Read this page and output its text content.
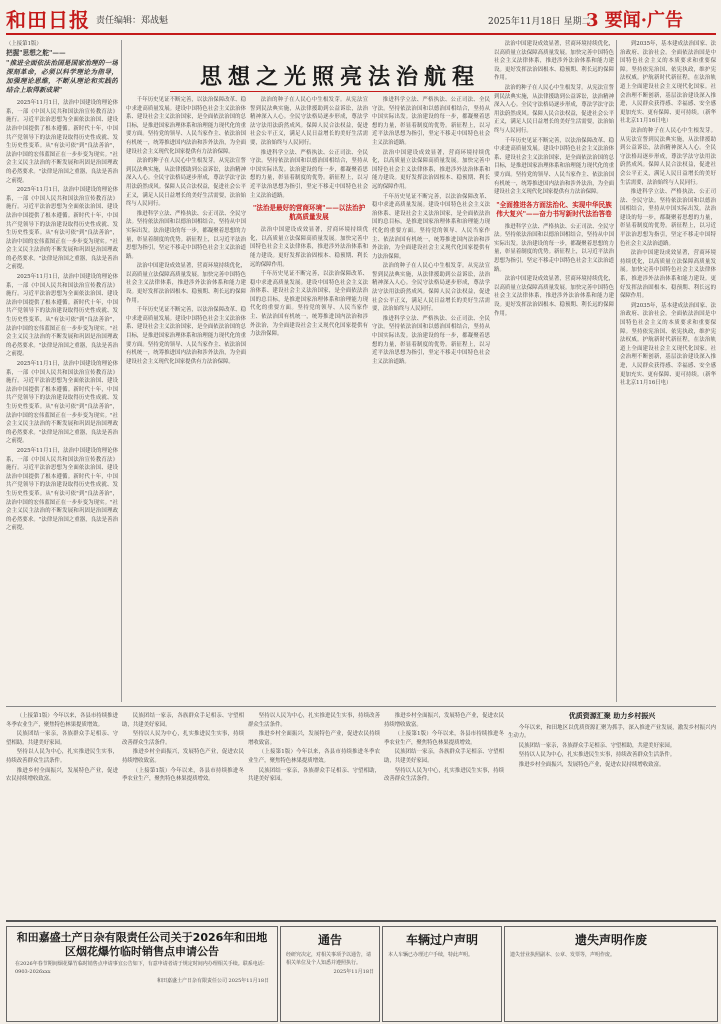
和田日报 责任编辑：郑战魁	2025年11月18日 星期二
3 要闻·广告
（上接第1版）
把握"思想之舵"——
"推进全面依法治国是国家治理的一场深刻革命，必须以科学理论为指导，加强理论思维，不断从理论和实践的结合上取得新成果"

2025年11月1日，法治中国建设的理论体系，一部《中国人民共和国法治宣传教育法》施行。习近平法治思想为全面依法治国、建设法治中国提供了根本遵循。新时代十年，中国共产党领导下的法治建设取得历史性成就、发生历史性变革。从"有法可依"到"良法善治"，法治中国的宏伟蓝图正在一步步变为现实。"社会主义民主法治的不断发展和巩固是治国理政的必然要求。"法律是治国之重器，良法是善治之前提。

2025年11月1日，法治中国建设的理论体系，一部《中国人民共和国法治宣传教育法》施行。习近平法治思想为全面依法治国、建设法治中国提供了根本遵循。新时代十年，中国共产党领导下的法治建设取得历史性成就、发生历史性变革。从"有法可依"到"良法善治"，法治中国的宏伟蓝图正在一步步变为现实。"社会主义民主法治的不断发展和巩固是治国理政的必然要求。"法律是治国之重器，良法是善治之前提。

2025年11月1日，法治中国建设的理论体系，一部《中国人民共和国法治宣传教育法》施行。习近平法治思想为全面依法治国、建设法治中国提供了根本遵循。新时代十年，中国共产党领导下的法治建设取得历史性成就、发生历史性变革。从"有法可依"到"良法善治"，法治中国的宏伟蓝图正在一步步变为现实。"社会主义民主法治的不断发展和巩固是治国理政的必然要求。"法律是治国之重器，良法是善治之前提。

2025年11月1日，法治中国建设的理论体系，一部《中国人民共和国法治宣传教育法》施行。习近平法治思想为全面依法治国、建设法治中国提供了根本遵循。新时代十年，中国共产党领导下的法治建设取得历史性成就、发生历史性变革。从"有法可依"到"良法善治"，法治中国的宏伟蓝图正在一步步变为现实。"社会主义民主法治的不断发展和巩固是治国理政的必然要求。"法律是治国之重器，良法是善治之前提。

2025年11月1日，法治中国建设的理论体系，一部《中国人民共和国法治宣传教育法》施行。习近平法治思想为全面依法治国、建设法治中国提供了根本遵循。新时代十年，中国共产党领导下的法治建设取得历史性成就、发生历史性变革。从"有法可依"到"良法善治"，法治中国的宏伟蓝图正在一步步变为现实。"社会主义民主法治的不断发展和巩固是治国理政的必然要求。"法律是治国之重器，良法是善治之前提。

思想之光照亮法治航程

千年历史见证不断完善，以法治保障改革、稳中求进高质量发展。建设中国特色社会主义法治体系、建设社会主义法治国家，是全面依法治国的总目标，是推进国家治理体系和治理能力现代化的重要方面。坚持党的领导、人民当家作主、依法治国有机统一，统筹推进国内法治和涉外法治，为全面建设社会主义现代化国家提供有力法治保障。

法治的种子在人民心中生根发芽。从宪法宣誓到民法典实施，从法律援助到公益诉讼，法治精神深入人心。全民守法格局逐步形成，尊法学法守法用法蔚然成风。保障人民合法权益，促进社会公平正义，满足人民日益增长的美好生活需要，法治始终与人民同行。

推进科学立法、严格执法、公正司法、全民守法。坚持依法治国和以德治国相结合，坚持从中国实际出发。法治建设的每一步，都凝聚着思想的力量，彰显着制度的优势。新征程上，以习近平法治思想为指引，坚定不移走中国特色社会主义法治道路。

法治中国建设成效显著，营商环境持续优化，以高质量立法保障高质量发展。加快完善中国特色社会主义法律体系，推进涉外法治体系和能力建设。更好发挥法治固根本、稳预期、利长远的保障作用。

千年历史见证不断完善，以法治保障改革、稳中求进高质量发展。建设中国特色社会主义法治体系、建设社会主义法治国家，是全面依法治国的总目标，是推进国家治理体系和治理能力现代化的重要方面。坚持党的领导、人民当家作主、依法治国有机统一，统筹推进国内法治和涉外法治，为全面建设社会主义现代化国家提供有力法治保障。

法治的种子在人民心中生根发芽。从宪法宣誓到民法典实施，从法律援助到公益诉讼，法治精神深入人心。全民守法格局逐步形成，尊法学法守法用法蔚然成风。保障人民合法权益，促进社会公平正义，满足人民日益增长的美好生活需要，法治始终与人民同行。

推进科学立法、严格执法、公正司法、全民守法。坚持依法治国和以德治国相结合，坚持从中国实际出发。法治建设的每一步，都凝聚着思想的力量，彰显着制度的优势。新征程上，以习近平法治思想为指引，坚定不移走中国特色社会主义法治道路。

"法治是最好的营商环境"——以法治护航高质量发展

法治中国建设成效显著，营商环境持续优化，以高质量立法保障高质量发展。加快完善中国特色社会主义法律体系，推进涉外法治体系和能力建设。更好发挥法治固根本、稳预期、利长远的保障作用。

千年历史见证不断完善，以法治保障改革、稳中求进高质量发展。建设中国特色社会主义法治体系、建设社会主义法治国家，是全面依法治国的总目标，是推进国家治理体系和治理能力现代化的重要方面。坚持党的领导、人民当家作主、依法治国有机统一，统筹推进国内法治和涉外法治，为全面建设社会主义现代化国家提供有力法治保障。

推进科学立法、严格执法、公正司法、全民守法。坚持依法治国和以德治国相结合，坚持从中国实际出发。法治建设的每一步，都凝聚着思想的力量，彰显着制度的优势。新征程上，以习近平法治思想为指引，坚定不移走中国特色社会主义法治道路。

法治中国建设成效显著，营商环境持续优化，以高质量立法保障高质量发展。加快完善中国特色社会主义法律体系，推进涉外法治体系和能力建设。更好发挥法治固根本、稳预期、利长远的保障作用。

千年历史见证不断完善，以法治保障改革、稳中求进高质量发展。建设中国特色社会主义法治体系、建设社会主义法治国家，是全面依法治国的总目标，是推进国家治理体系和治理能力现代化的重要方面。坚持党的领导、人民当家作主、依法治国有机统一，统筹推进国内法治和涉外法治，为全面建设社会主义现代化国家提供有力法治保障。

法治的种子在人民心中生根发芽。从宪法宣誓到民法典实施，从法律援助到公益诉讼，法治精神深入人心。全民守法格局逐步形成，尊法学法守法用法蔚然成风。保障人民合法权益，促进社会公平正义，满足人民日益增长的美好生活需要，法治始终与人民同行。

推进科学立法、严格执法、公正司法、全民守法。坚持依法治国和以德治国相结合，坚持从中国实际出发。法治建设的每一步，都凝聚着思想的力量，彰显着制度的优势。新征程上，以习近平法治思想为指引，坚定不移走中国特色社会主义法治道路。

法治中国建设成效显著，营商环境持续优化，以高质量立法保障高质量发展。加快完善中国特色社会主义法律体系，推进涉外法治体系和能力建设。更好发挥法治固根本、稳预期、利长远的保障作用。

法治的种子在人民心中生根发芽。从宪法宣誓到民法典实施，从法律援助到公益诉讼，法治精神深入人心。全民守法格局逐步形成，尊法学法守法用法蔚然成风。保障人民合法权益，促进社会公平正义，满足人民日益增长的美好生活需要，法治始终与人民同行。

千年历史见证不断完善，以法治保障改革、稳中求进高质量发展。建设中国特色社会主义法治体系、建设社会主义法治国家，是全面依法治国的总目标，是推进国家治理体系和治理能力现代化的重要方面。坚持党的领导、人民当家作主、依法治国有机统一，统筹推进国内法治和涉外法治，为全面建设社会主义现代化国家提供有力法治保障。

"全面推进各方面法治化、实现中华民族伟大复兴"——奋力书写新时代法治答卷

推进科学立法、严格执法、公正司法、全民守法。坚持依法治国和以德治国相结合，坚持从中国实际出发。法治建设的每一步，都凝聚着思想的力量，彰显着制度的优势。新征程上，以习近平法治思想为指引，坚定不移走中国特色社会主义法治道路。

法治中国建设成效显著，营商环境持续优化，以高质量立法保障高质量发展。加快完善中国特色社会主义法律体系，推进涉外法治体系和能力建设。更好发挥法治固根本、稳预期、利长远的保障作用。

到2035年，基本建成法治国家、法治政府、法治社会。全面依法治国是中国特色社会主义的本质要求和重要保障。坚持依宪治国、依宪执政，维护宪法权威。护航新时代新征程，在法治轨道上全面建设社会主义现代化国家。社会治理不断创新，基层法治建设深入推进，人民群众获得感、幸福感、安全感更加充实、更有保障、更可持续。（新华社北京11月16日电）

法治的种子在人民心中生根发芽。从宪法宣誓到民法典实施，从法律援助到公益诉讼，法治精神深入人心。全民守法格局逐步形成，尊法学法守法用法蔚然成风。保障人民合法权益，促进社会公平正义，满足人民日益增长的美好生活需要，法治始终与人民同行。

推进科学立法、严格执法、公正司法、全民守法。坚持依法治国和以德治国相结合，坚持从中国实际出发。法治建设的每一步，都凝聚着思想的力量，彰显着制度的优势。新征程上，以习近平法治思想为指引，坚定不移走中国特色社会主义法治道路。

法治中国建设成效显著，营商环境持续优化，以高质量立法保障高质量发展。加快完善中国特色社会主义法律体系，推进涉外法治体系和能力建设。更好发挥法治固根本、稳预期、利长远的保障作用。

到2035年，基本建成法治国家、法治政府、法治社会。全面依法治国是中国特色社会主义的本质要求和重要保障。坚持依宪治国、依宪执政，维护宪法权威。护航新时代新征程，在法治轨道上全面建设社会主义现代化国家。社会治理不断创新，基层法治建设深入推进，人民群众获得感、幸福感、安全感更加充实、更有保障、更可持续。（新华社北京11月16日电）

（上接第1版）今年以来，各县市持续推进冬季农业生产，聚焦特色林果提质增效。

民族团结一家亲，各族群众手足相亲、守望相助，共建美好家园。

坚持以人民为中心，扎实推进民生实事，持续改善群众生活条件。

推进乡村全面振兴，发展特色产业，促进农民持续增收致富。

民族团结一家亲，各族群众手足相亲、守望相助，共建美好家园。

坚持以人民为中心，扎实推进民生实事，持续改善群众生活条件。

推进乡村全面振兴，发展特色产业，促进农民持续增收致富。

（上接第1版）今年以来，各县市持续推进冬季农业生产，聚焦特色林果提质增效。

坚持以人民为中心，扎实推进民生实事，持续改善群众生活条件。

推进乡村全面振兴，发展特色产业，促进农民持续增收致富。

（上接第1版）今年以来，各县市持续推进冬季农业生产，聚焦特色林果提质增效。

民族团结一家亲，各族群众手足相亲、守望相助，共建美好家园。

推进乡村全面振兴，发展特色产业，促进农民持续增收致富。

（上接第1版）今年以来，各县市持续推进冬季农业生产，聚焦特色林果提质增效。

民族团结一家亲，各族群众手足相亲、守望相助，共建美好家园。

坚持以人民为中心，扎实推进民生实事，持续改善群众生活条件。

优质资源汇聚 助力乡村振兴

今年以来，和田地区以优质资源汇聚为抓手，深入推进产业发展，激发乡村振兴内生动力。

民族团结一家亲，各族群众手足相亲、守望相助，共建美好家园。

坚持以人民为中心，扎实推进民生实事，持续改善群众生活条件。

推进乡村全面振兴，发展特色产业，促进农民持续增收致富。

和田嘉盛土产日杂有限责任公司关于2026年和田地区烟花爆竹临时销售点申请公告
在2026年春节期间烟花爆竹临时销售点申请事宜公告如下，有意申请者请于规定时间内办理相关手续。联系电话：0903-2026xxx
和田嘉盛土产日杂有限责任公司 2025年11月18日
通告
经研究决定，对相关事项予以通告，请相关单位及个人知悉并遵照执行。
2025年11月18日
车辆过户声明
本人车辆已办理过户手续，特此声明。
遗失声明作废
遗失营业执照副本、公章、发票等，声明作废。
